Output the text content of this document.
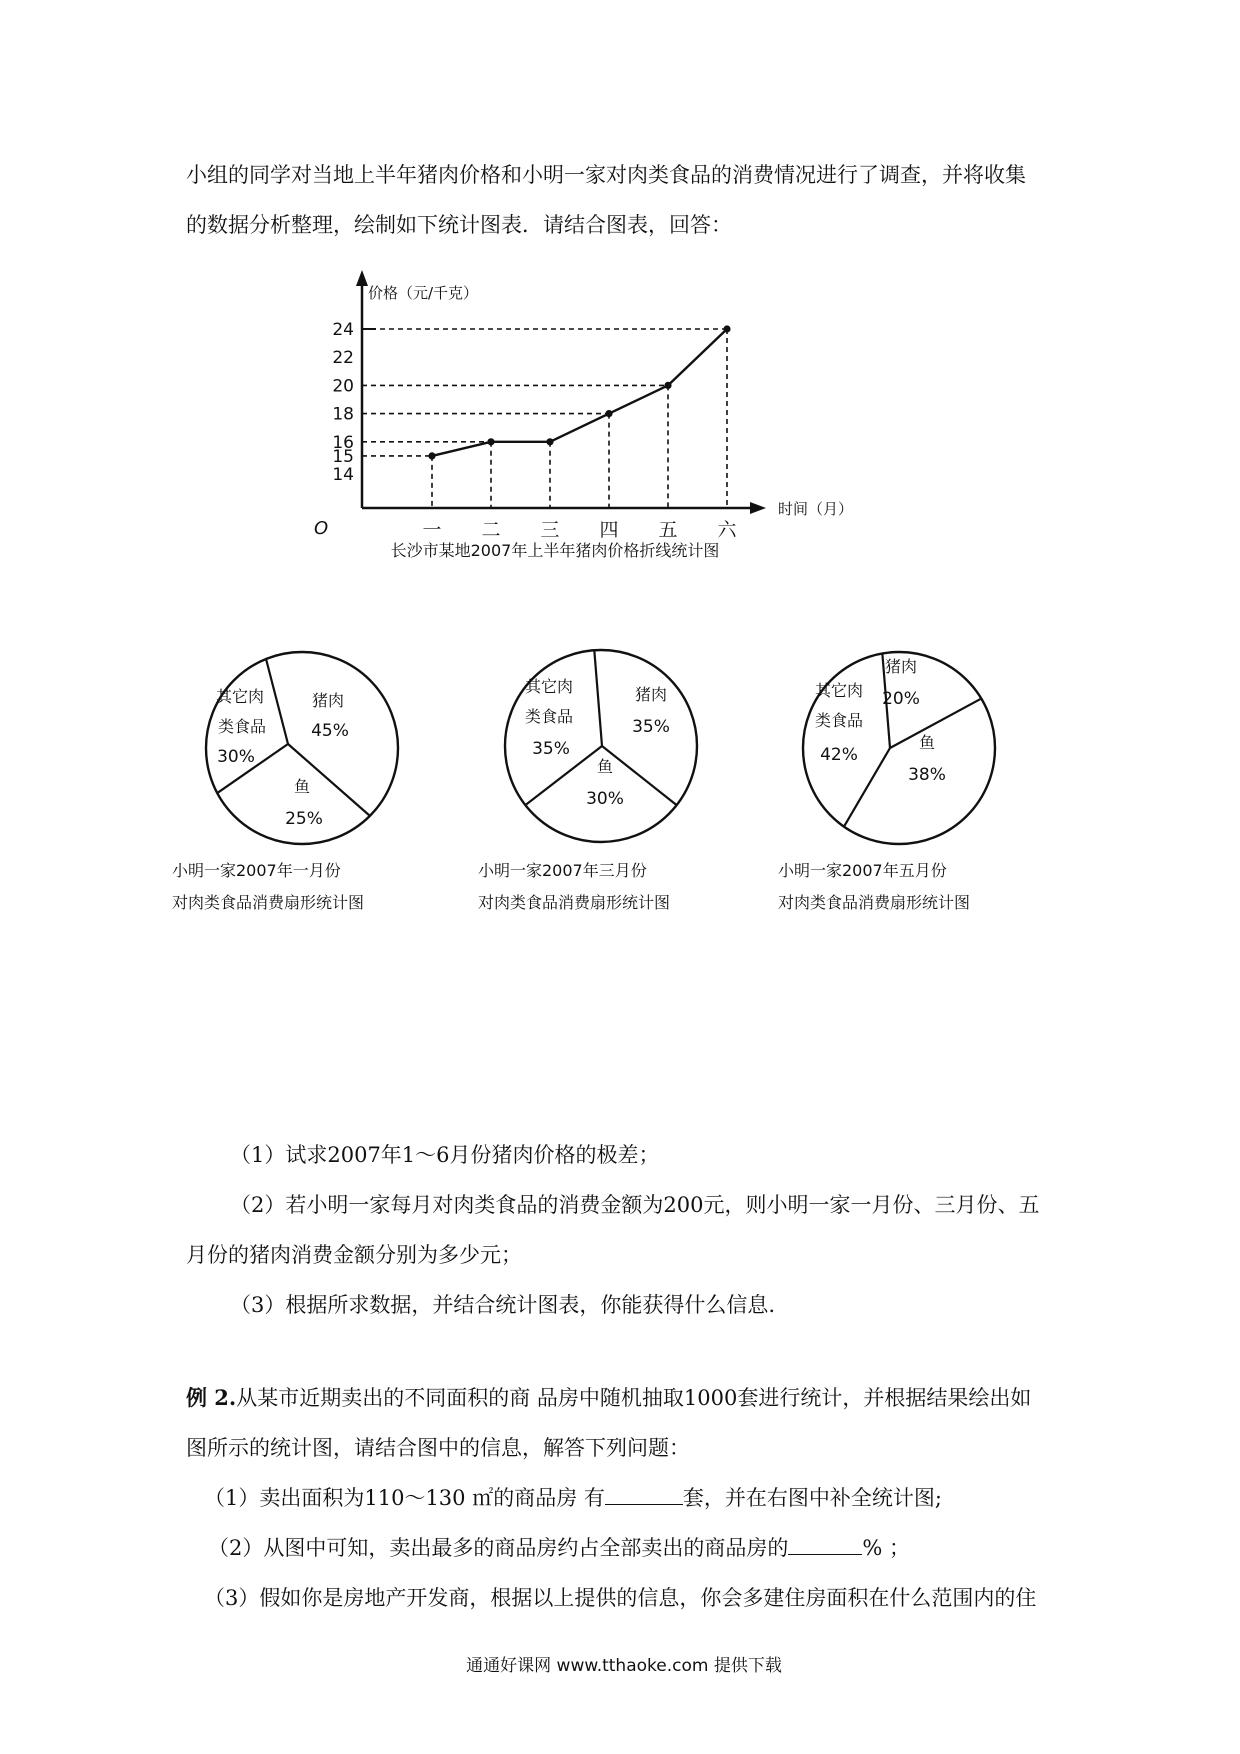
小组的同学对当地上半年猪肉价格和小明一家对肉类食品的消费情况进行了调查，并将收集
的数据分析整理，绘制如下统计图表．请结合图表，回答：
价格（元/千克）
时间（月）
O
14
15
16
18
20
22
24
一 二 三 四 五 六
长沙市某地2007年上半年猪肉价格折线统计图
猪肉
45%
鱼
25%
其它肉
类食品
30%
猪肉
35%
鱼
30%
其它肉
类食品
35%
猪肉
20%
鱼
38%
其它肉
类食品
42%
小明一家2007年一月份
对肉类食品消费扇形统计图
小明一家2007年三月份
对肉类食品消费扇形统计图
小明一家2007年五月份
对肉类食品消费扇形统计图
（1）试求2007年1～6月份猪肉价格的极差；
（2）若小明一家每月对肉类食品的消费金额为200元，则小明一家一月份、三月份、五
月份的猪肉消费金额分别为多少元；
（3）根据所求数据，并结合统计图表，你能获得什么信息.
例 2.从某市近期卖出的不同面积的商 品房中随机抽取1000套进行统计，并根据结果绘出如
图所示的统计图，请结合图中的信息，解答下列问题：
（1）卖出面积为110～130 ㎡的商品房 有	套，并在右图中补全统计图;
（2）从图中可知，卖出最多的商品房约占全部卖出的商品房的	% ；
（3）假如你是房地产开发商，根据以上提供的信息，你会多建住房面积在什么范围内的住
通通好课网 www.tthaoke.com 提供下载
